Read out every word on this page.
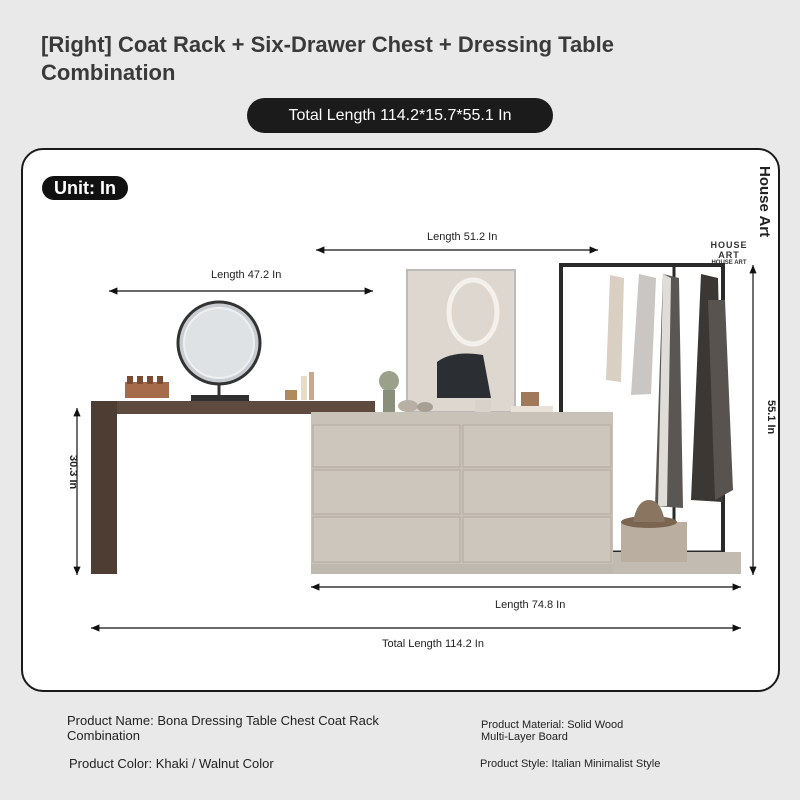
[Right] Coat Rack + Six-Drawer Chest + Dressing Table Combination
Total Length 114.2*15.7*55.1 In
Unit: In	House Art
HOUSE ART
HOUSE ART
Length 47.2 In
Length 51.2 In
30.3 In
55.1 In
Length 74.8 In
Total Length 114.2 In
Product Name: Bona Dressing Table Chest Coat Rack Combination
Product Color: Khaki / Walnut Color
Product Material: Solid Wood Multi-Layer Board
Product Style: Italian Minimalist Style
